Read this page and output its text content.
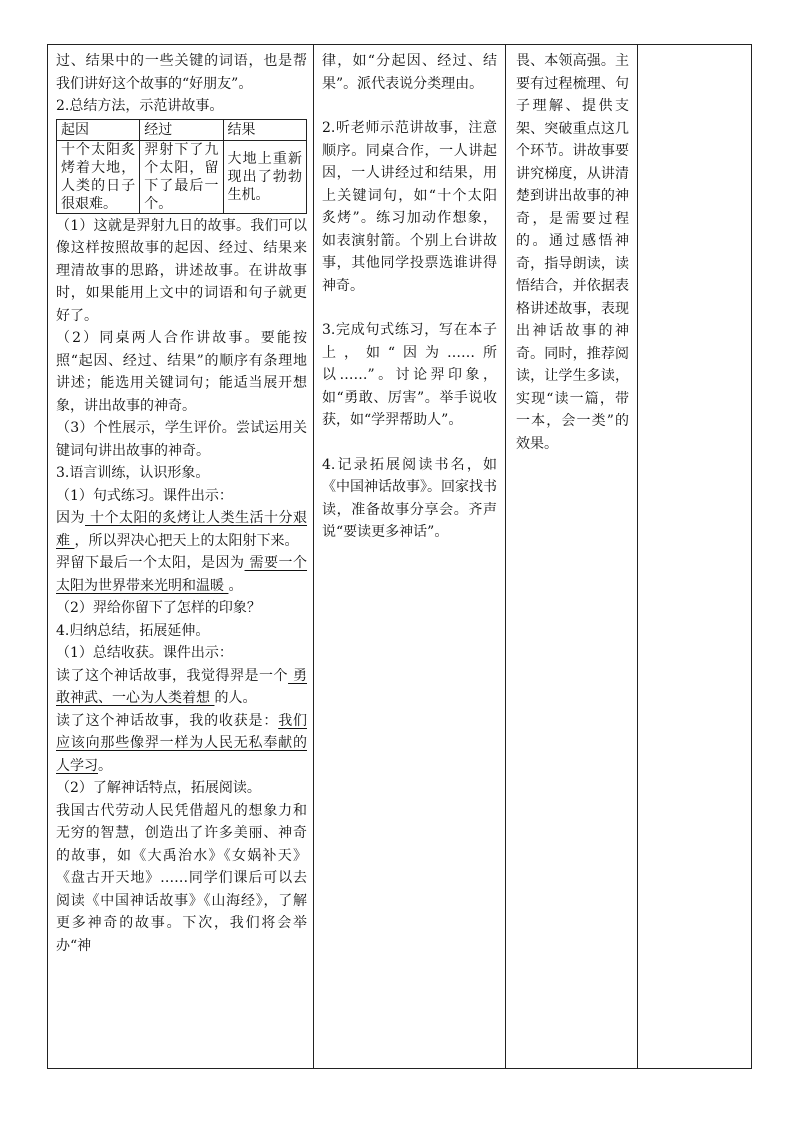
过、结果中的一些关键的词语，也是帮我们讲好这个故事的“好朋友”。

2.总结方法，示范讲故事。

起因	经过	结果
十个太阳炙烤着大地，人类的日子很艰难。	羿射下了九个太阳，留下了最后一个。	大地上重新现出了勃勃生机。

（1）这就是羿射九日的故事。我们可以像这样按照故事的起因、经过、结果来理清故事的思路，讲述故事。在讲故事时，如果能用上文中的词语和句子就更好了。

（2）同桌两人合作讲故事。要能按照“起因、经过、结果”的顺序有条理地讲述；能选用关键词句；能适当展开想象，讲出故事的神奇。

（3）个性展示，学生评价。尝试运用关键词句讲出故事的神奇。

3.语言训练，认识形象。

（1）句式练习。课件出示：

因为 十个太阳的炙烤让人类生活十分艰难 ，所以羿决心把天上的太阳射下来。

羿留下最后一个太阳，是因为 需要一个太阳为世界带来光明和温暖 。

（2）羿给你留下了怎样的印象？

4.归纳总结，拓展延伸。

（1）总结收获。课件出示：

读了这个神话故事，我觉得羿是一个 勇敢神武、一心为人类着想 的人。

读了这个神话故事，我的收获是：我们应该向那些像羿一样为人民无私奉献的人学习。

（2）了解神话特点，拓展阅读。

我国古代劳动人民凭借超凡的想象力和无穷的智慧，创造出了许多美丽、神奇的故事，如《大禹治水》《女娲补天》《盘古开天地》……同学们课后可以去阅读《中国神话故事》《山海经》，了解更多神奇的故事。下次，我们将会举办“神

律，如“分起因、经过、结果”。派代表说分类理由。

2.听老师示范讲故事，注意顺序。同桌合作，一人讲起因，一人讲经过和结果，用上关键词句，如“十个太阳炙烤”。练习加动作想象，如表演射箭。个别上台讲故事，其他同学投票选谁讲得神奇。

3.完成句式练习，写在本子上，如“因为……所以……”。讨论羿印象，如“勇敢、厉害”。举手说收获，如“学羿帮助人”。

4.记录拓展阅读书名，如《中国神话故事》。回家找书读，准备故事分享会。齐声说“要读更多神话”。

畏、本领高强。主要有过程梳理、句子理解、提供支架、突破重点这几个环节。讲故事要讲究梯度，从讲清楚到讲出故事的神奇，是需要过程的。通过感悟神奇，指导朗读，读悟结合，并依据表格讲述故事，表现出神话故事的神奇。同时，推荐阅读，让学生多读，实现“读一篇，带一本，会一类”的效果。
